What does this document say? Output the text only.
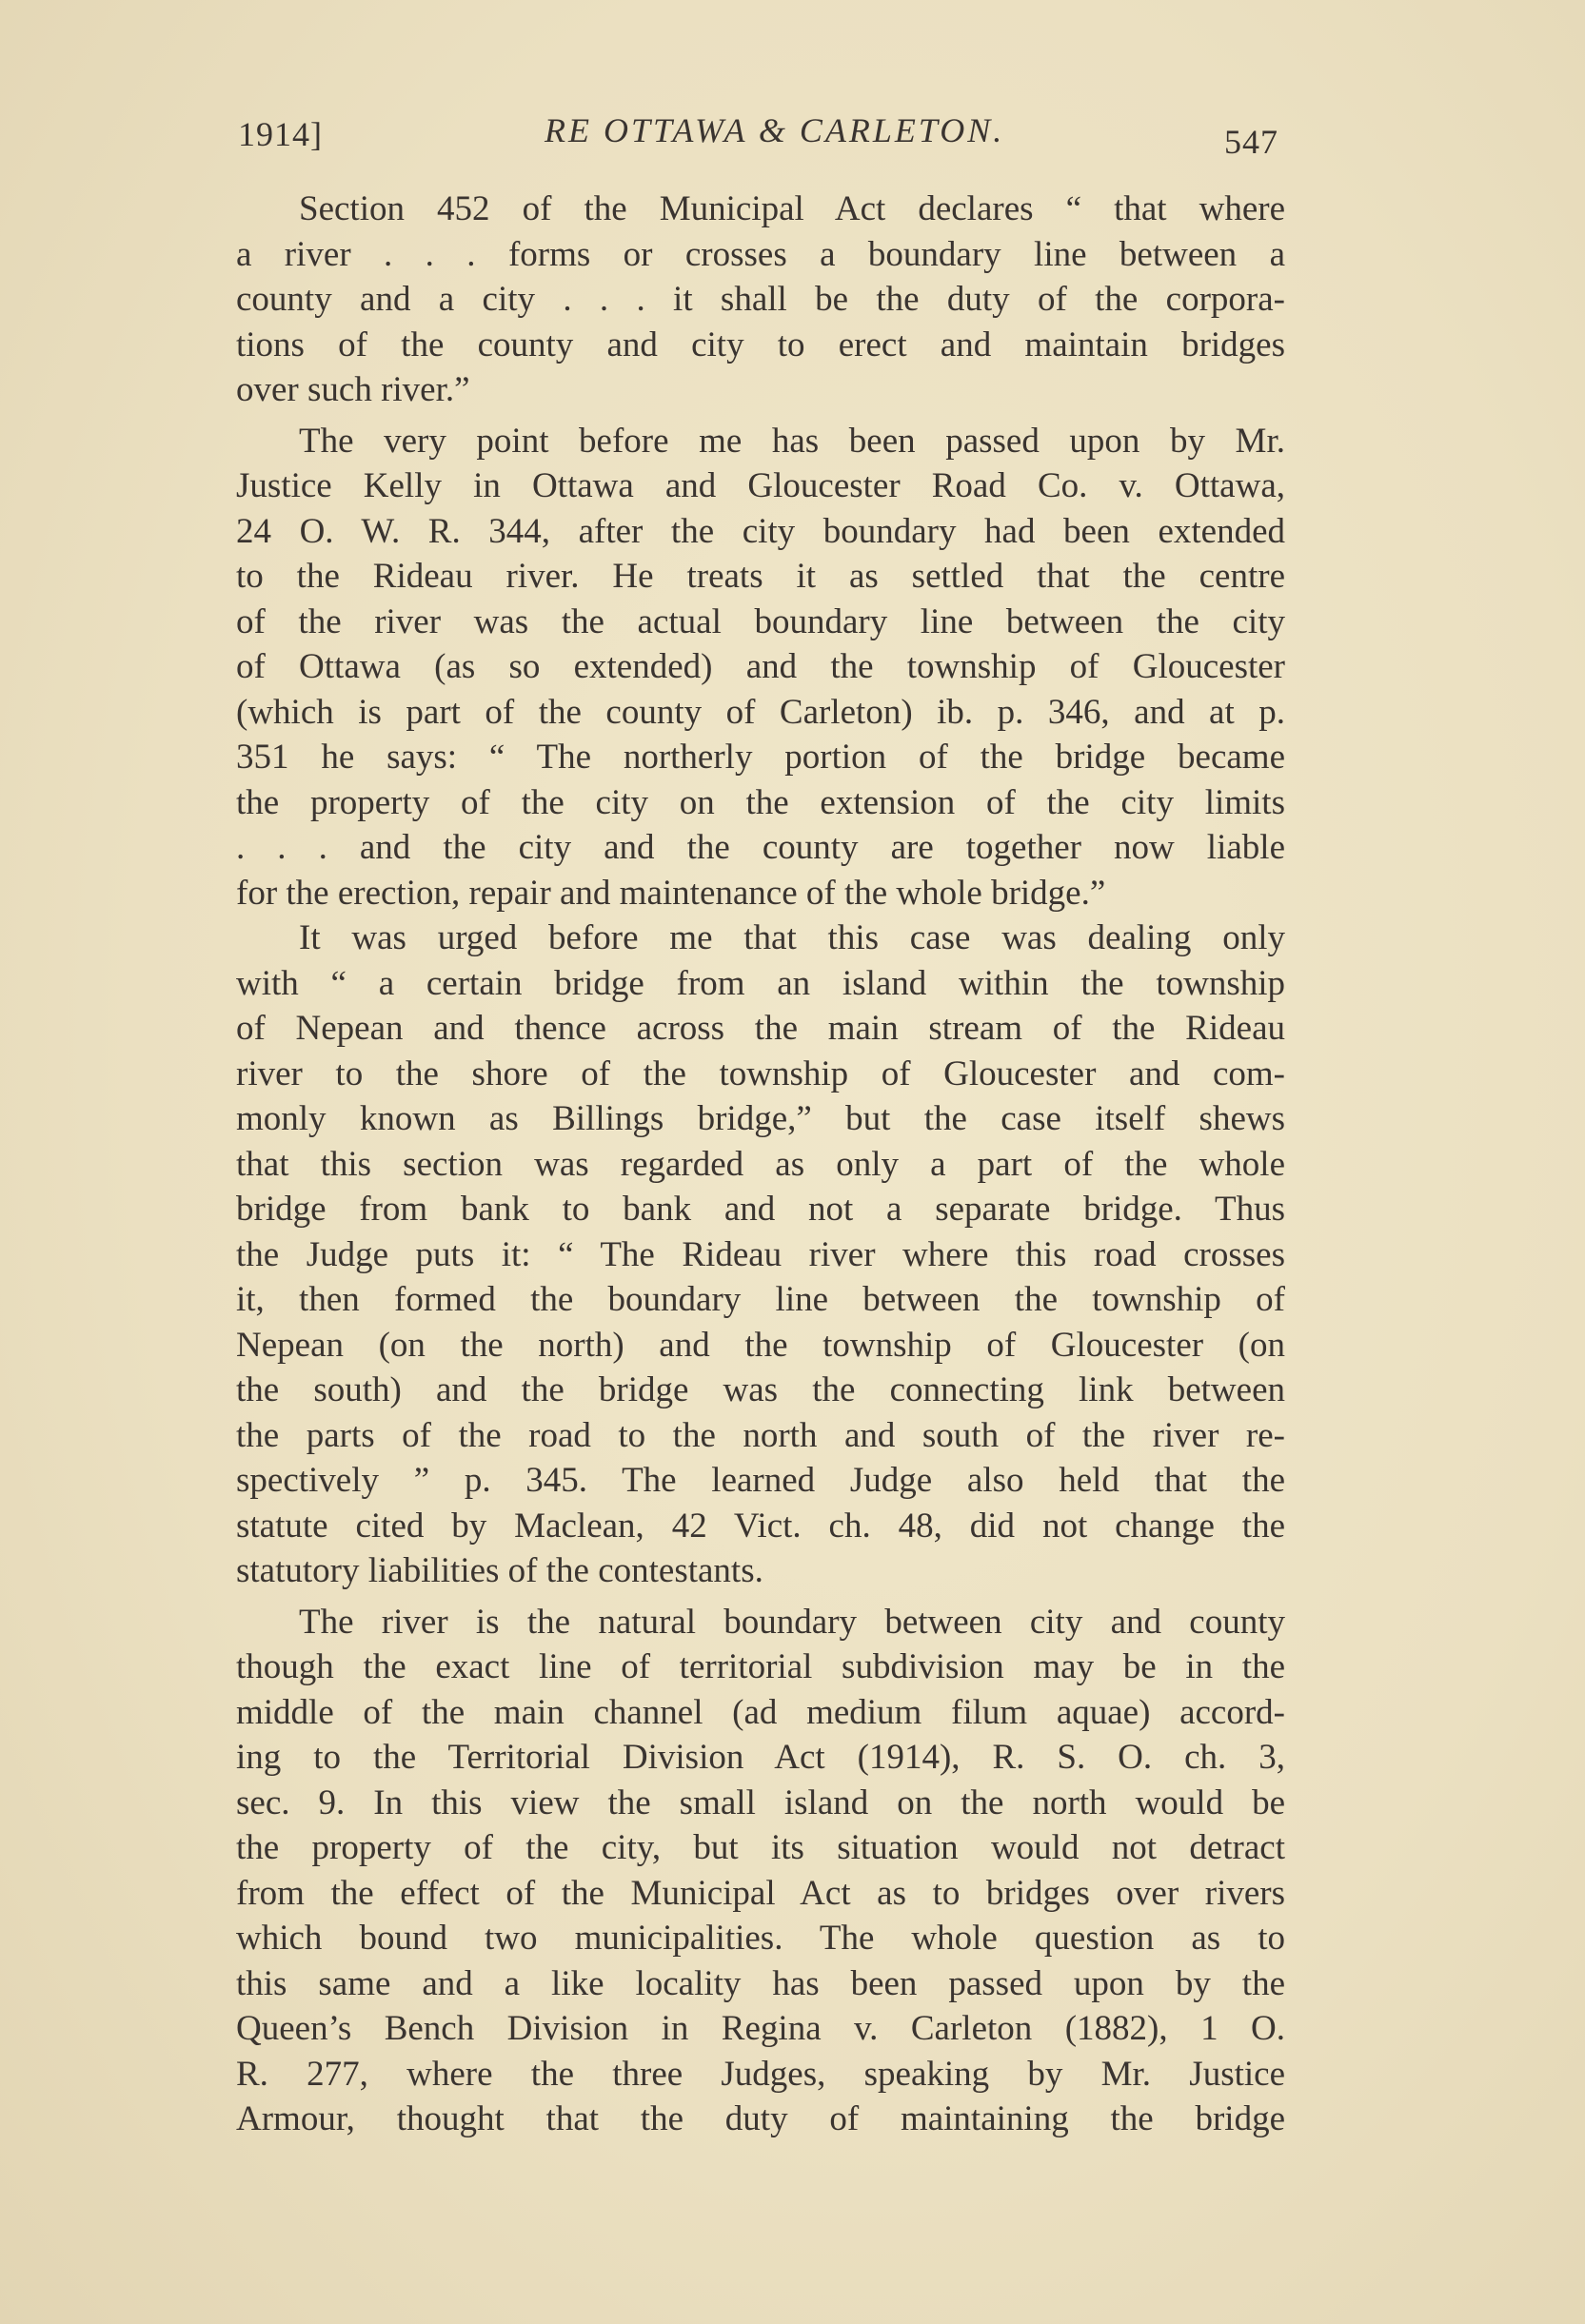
1914]	RE OTTAWA & CARLETON.	547
Section 452 of the Municipal Act declares “ that where
a river . . . forms or crosses a boundary line between a
county and a city . . . it shall be the duty of the corpora-
tions of the county and city to erect and maintain bridges
over such river.”
The very point before me has been passed upon by Mr.
Justice Kelly in Ottawa and Gloucester Road Co. v. Ottawa,
24 O. W. R. 344, after the city boundary had been extended
to the Rideau river. He treats it as settled that the centre
of the river was the actual boundary line between the city
of Ottawa (as so extended) and the township of Gloucester
(which is part of the county of Carleton) ib. p. 346, and at p.
351 he says: “ The northerly portion of the bridge became
the property of the city on the extension of the city limits
. . . and the city and the county are together now liable
for the erection, repair and maintenance of the whole bridge.”
It was urged before me that this case was dealing only
with “ a certain bridge from an island within the township
of Nepean and thence across the main stream of the Rideau
river to the shore of the township of Gloucester and com-
monly known as Billings bridge,” but the case itself shews
that this section was regarded as only a part of the whole
bridge from bank to bank and not a separate bridge. Thus
the Judge puts it: “ The Rideau river where this road crosses
it, then formed the boundary line between the township of
Nepean (on the north) and the township of Gloucester (on
the south) and the bridge was the connecting link between
the parts of the road to the north and south of the river re-
spectively ” p. 345. The learned Judge also held that the
statute cited by Maclean, 42 Vict. ch. 48, did not change the
statutory liabilities of the contestants.
The river is the natural boundary between city and county
though the exact line of territorial subdivision may be in the
middle of the main channel (ad medium filum aquae) accord-
ing to the Territorial Division Act (1914), R. S. O. ch. 3,
sec. 9. In this view the small island on the north would be
the property of the city, but its situation would not detract
from the effect of the Municipal Act as to bridges over rivers
which bound two municipalities. The whole question as to
this same and a like locality has been passed upon by the
Queen’s Bench Division in Regina v. Carleton (1882), 1 O.
R. 277, where the three Judges, speaking by Mr. Justice
Armour, thought that the duty of maintaining the bridge
